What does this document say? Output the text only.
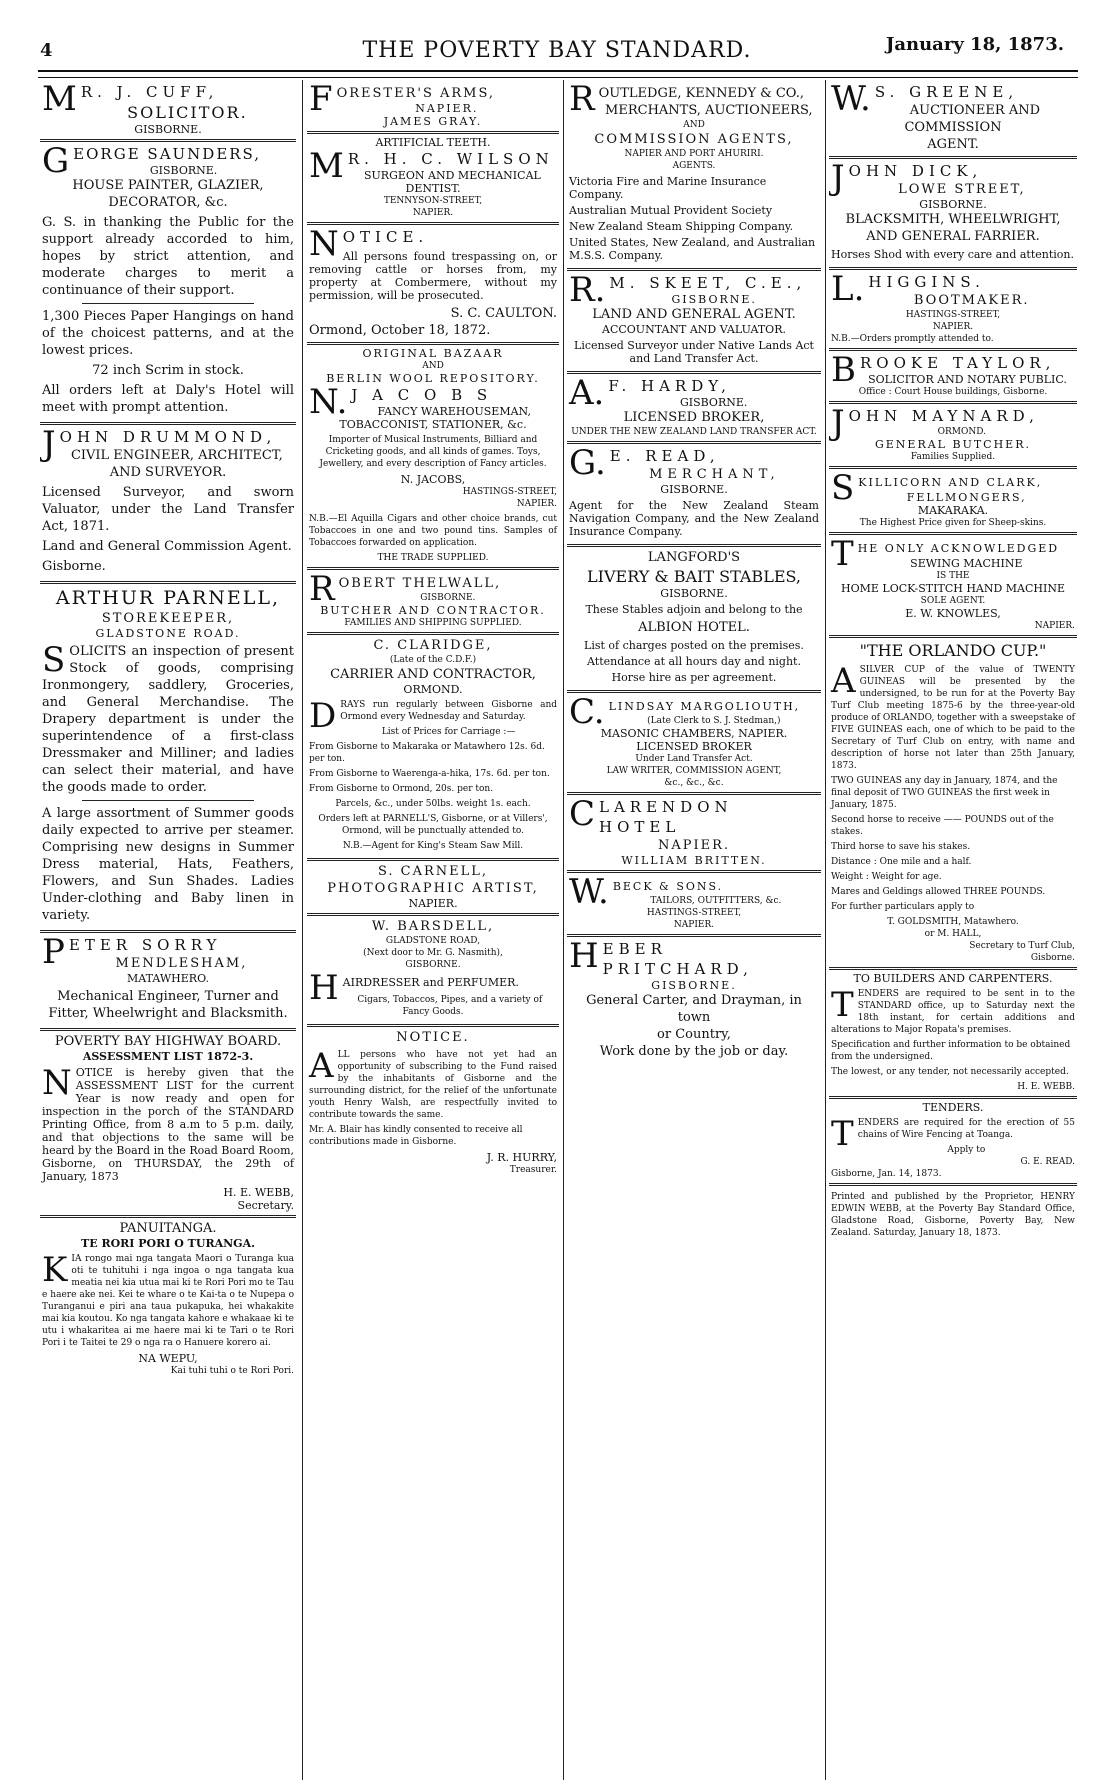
4	THE POVERTY BAY STANDARD.	January 18, 1873.
M R. J. CUFF,
SOLICITOR.
GISBORNE.
GEORGE SAUNDERS,
GISBORNE.
HOUSE PAINTER, GLAZIER,
DECORATOR, &c.

G. S. in thanking the Public for the support already accorded to him, hopes by strict attention, and moderate charges to merit a continuance of their support.

1,300 Pieces Paper Hangings on hand of the choicest patterns, and at the lowest prices.

72 inch Scrim in stock.

All orders left at Daly's Hotel will meet with prompt attention.

JOHN DRUMMOND,
CIVIL ENGINEER, ARCHITECT,
AND SURVEYOR.

Licensed Surveyor, and sworn Valuator, under the Land Transfer Act, 1871.

Land and General Commission Agent.

Gisborne.

ARTHUR PARNELL,
STOREKEEPER,
GLADSTONE ROAD.

SOLICITS an inspection of present Stock of goods, comprising Ironmongery, saddlery, Groceries, and General Merchandise. The Drapery department is under the superintendence of a first-class Dressmaker and Milliner; and ladies can select their material, and have the goods made to order.

A large assortment of Summer goods daily expected to arrive per steamer. Comprising new designs in Summer Dress material, Hats, Feathers, Flowers, and Sun Shades. Ladies Under-clothing and Baby linen in variety.

PETER SORRY
MENDLESHAM,
MATAWHERO.

Mechanical Engineer, Turner and Fitter, Wheelwright and Blacksmith.

POVERTY BAY HIGHWAY BOARD.
ASSESSMENT LIST 1872-3.

NOTICE is hereby given that the ASSESSMENT LIST for the current Year is now ready and open for inspection in the porch of the STANDARD Printing Office, from 8 a.m to 5 p.m. daily, and that objections to the same will be heard by the Board in the Road Board Room, Gisborne, on THURSDAY, the 29th of January, 1873

H. E. WEBB,
Secretary.
PANUITANGA.
TE RORI PORI O TURANGA.

KIA rongo mai nga tangata Maori o Turanga kua oti te tuhituhi i nga ingoa o nga tangata kua meatia nei kia utua mai ki te Rori Pori mo te Tau e haere ake nei. Kei te whare o te Kai-ta o te Nupepa o Turanganui e piri ana taua pukapuka, hei whakakite mai kia koutou. Ko nga tangata kahore e whakaae ki te utu i whakaritea ai me haere mai ki te Tari o te Rori Pori i te Taitei te 29 o nga ra o Hanuere korero ai.

NA WEPU,
Kai tuhi tuhi o te Rori Pori.
FORESTER'S ARMS,
NAPIER.
JAMES GRAY.
ARTIFICIAL TEETH.
M R. H. C. WILSON
SURGEON AND MECHANICAL DENTIST.
TENNYSON-STREET,
NAPIER.
NOTICE.

All persons found trespassing on, or removing cattle or horses from, my property at Combermere, without my permission, will be prosecuted.

S. C. CAULTON.
Ormond, October 18, 1872.
ORIGINAL BAZAAR
AND
BERLIN WOOL REPOSITORY.
N. J A C O B S
FANCY WAREHOUSEMAN,
TOBACCONIST, STATIONER, &c.

Importer of Musical Instruments, Billiard and Cricketing goods, and all kinds of games. Toys, Jewellery, and every description of Fancy articles.

N. JACOBS,
HASTINGS-STREET,
NAPIER.

N.B.—El Aquilla Cigars and other choice brands, cut Tobaccoes in one and two pound tins. Samples of Tobaccoes forwarded on application.

THE TRADE SUPPLIED.
ROBERT THELWALL,
GISBORNE.
BUTCHER AND CONTRACTOR.
FAMILIES AND SHIPPING SUPPLIED.
C. CLARIDGE,
(Late of the C.D.F.)
CARRIER AND CONTRACTOR,
ORMOND.

DRAYS run regularly between Gisborne and Ormond every Wednesday and Saturday.

List of Prices for Carriage :—

From Gisborne to Makaraka or Matawhero 12s. 6d. per ton.

From Gisborne to Waerenga-a-hika, 17s. 6d. per ton.

From Gisborne to Ormond, 20s. per ton.

Parcels, &c., under 50lbs. weight 1s. each.

Orders left at PARNELL'S, Gisborne, or at Villers', Ormond, will be punctually attended to.

N.B.—Agent for King's Steam Saw Mill.

S. CARNELL,
PHOTOGRAPHIC ARTIST,
NAPIER.
W. BARSDELL,
GLADSTONE ROAD,
(Next door to Mr. G. Nasmith),
GISBORNE.
HAIRDRESSER and PERFUMER.

Cigars, Tobaccos, Pipes, and a variety of Fancy Goods.

NOTICE.

ALL persons who have not yet had an opportunity of subscribing to the Fund raised by the inhabitants of Gisborne and the surrounding district, for the relief of the unfortunate youth Henry Walsh, are respectfully invited to contribute towards the same.

Mr. A. Blair has kindly consented to receive all contributions made in Gisborne.

J. R. HURRY,
Treasurer.
ROUTLEDGE, KENNEDY & CO.,
MERCHANTS, AUCTIONEERS,
AND
COMMISSION AGENTS,
NAPIER AND PORT AHURIRI.
AGENTS.

Victoria Fire and Marine Insurance Company.

Australian Mutual Provident Society

New Zealand Steam Shipping Company.

United States, New Zealand, and Australian M.S.S. Company.

R. M. SKEET, C.E.,
GISBORNE.
LAND AND GENERAL AGENT.
ACCOUNTANT AND VALUATOR.

Licensed Surveyor under Native Lands Act and Land Transfer Act.

A. F. HARDY,
GISBORNE.
LICENSED BROKER,
UNDER THE NEW ZEALAND LAND TRANSFER ACT.
G. E. READ,
MERCHANT,
GISBORNE.

Agent for the New Zealand Steam Navigation Company, and the New Zealand Insurance Company.

LANGFORD'S
LIVERY & BAIT STABLES,
GISBORNE.

These Stables adjoin and belong to the

ALBION HOTEL.

List of charges posted on the premises.

Attendance at all hours day and night.

Horse hire as per agreement.

C. LINDSAY MARGOLIOUTH,
(Late Clerk to S. J. Stedman,)
MASONIC CHAMBERS, NAPIER.
LICENSED BROKER
Under Land Transfer Act.
LAW WRITER, COMMISSION AGENT,
&c., &c., &c.
CLARENDON HOTEL
NAPIER.
WILLIAM BRITTEN.
W. BECK & SONS.
TAILORS, OUTFITTERS, &c.
HASTINGS-STREET,
NAPIER.
HEBER PRITCHARD,
GISBORNE.
General Carter, and Drayman, in town
or Country,
Work done by the job or day.
W. S. GREENE,
AUCTIONEER AND COMMISSION
AGENT.
JOHN DICK,
LOWE STREET,
GISBORNE.
BLACKSMITH, WHEELWRIGHT,
AND GENERAL FARRIER.

Horses Shod with every care and attention.

L. HIGGINS.
BOOTMAKER.
HASTINGS-STREET,
NAPIER.
N.B.—Orders promptly attended to.
BROOKE TAYLOR,
SOLICITOR AND NOTARY PUBLIC.
Office : Court House buildings, Gisborne.
JOHN MAYNARD,
ORMOND.
GENERAL BUTCHER.
Families Supplied.
SKILLICORN AND CLARK,
FELLMONGERS,
MAKARAKA.
The Highest Price given for Sheep-skins.
THE ONLY ACKNOWLEDGED
SEWING MACHINE
IS THE
HOME LOCK-STITCH HAND MACHINE
SOLE AGENT.
E. W. KNOWLES,
NAPIER.
"THE ORLANDO CUP."

ASILVER CUP of the value of TWENTY GUINEAS will be presented by the undersigned, to be run for at the Poverty Bay Turf Club meeting 1875-6 by the three-year-old produce of ORLANDO, together with a sweepstake of FIVE GUINEAS each, one of which to be paid to the Secretary of Turf Club on entry, with name and description of horse not later than 25th January, 1873.

TWO GUINEAS any day in January, 1874, and the final deposit of TWO GUINEAS the first week in January, 1875.

Second horse to receive —— POUNDS out of the stakes.

Third horse to save his stakes.

Distance : One mile and a half.

Weight : Weight for age.

Mares and Geldings allowed THREE POUNDS.

For further particulars apply to

T. GOLDSMITH, Matawhero.
or M. HALL,
Secretary to Turf Club,
Gisborne.
TO BUILDERS AND CARPENTERS.

TENDERS are required to be sent in to the STANDARD office, up to Saturday next the 18th instant, for certain additions and alterations to Major Ropata's premises.

Specification and further information to be obtained from the undersigned.

The lowest, or any tender, not necessarily accepted.

H. E. WEBB.
TENDERS.

TENDERS are required for the erection of 55 chains of Wire Fencing at Toanga.

Apply to
G. E. READ.
Gisborne, Jan. 14, 1873.

Printed and published by the Proprietor, HENRY EDWIN WEBB, at the Poverty Bay Standard Office, Gladstone Road, Gisborne, Poverty Bay, New Zealand. Saturday, January 18, 1873.
